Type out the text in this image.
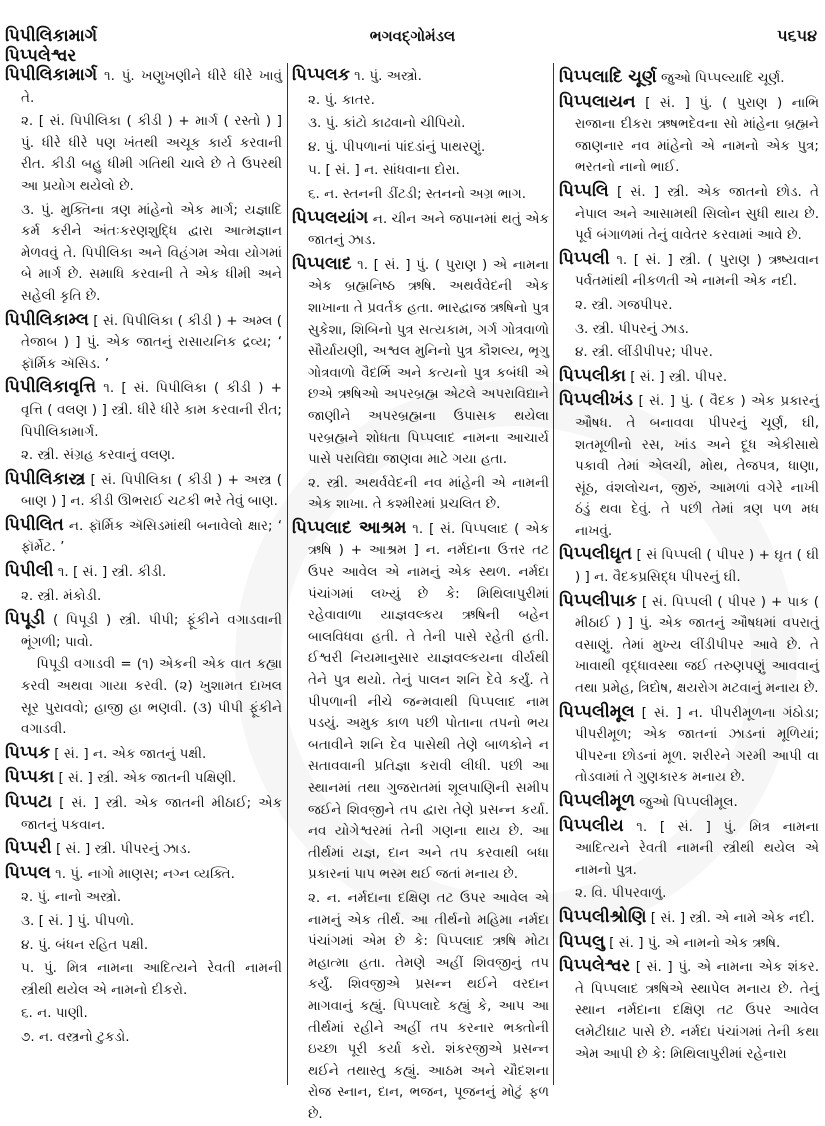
પિપીલિકામાર્ગ
પિપ્પલેશ્વર
ભગવદ્ગોમંડલ	૫૬૫૪

પિપીલિકામાર્ગ ૧. પું. ખણુખણીને ધીરે ધીરે ખાવું તે.

૨. [ સં. પિપીલિકા ( કીડી ) + માર્ગ ( રસ્તો ) ] પું. ધીરે ધીરે પણ ખંતથી અચૂક કાર્ય કરવાની રીત. કીડી બહુ ધીમી ગતિથી ચાલે છે તે ઉપરથી આ પ્રયોગ થયેલો છે.

૩. પું. મુક્તિના ત્રણ માંહેનો એક માર્ગ; યજ્ઞાદિ કર્મ કરીને અંતઃકરણશુદ્ધિ દ્વારા આત્મજ્ઞાન મેળવવું તે. પિપીલિકા અને વિહંગમ એવા યોગમાં બે માર્ગ છે. સમાધિ કરવાની તે એક ધીમી અને સહેલી કૃતિ છે.

પિપીલિકામ્લ [ સં. પિપીલિકા ( કીડી ) + અમ્લ ( તેજાબ ) ] પું. એક જાતનું રાસાયનિક દ્રવ્ય; ‘ ફૉર્મિક ઍસિડ. ’

પિપીલિકાવૃત્તિ ૧. [ સં. પિપીલિકા ( કીડી ) + વૃત્તિ ( વલણ ) ] સ્ત્રી. ધીરે ધીરે કામ કરવાની રીત; પિપીલિકામાર્ગ.

૨. સ્ત્રી. સંગ્રહ કરવાનું વલણ.

પિપીલિકાસ્ત્ર [ સં. પિપીલિકા ( કીડી ) + અસ્ત્ર ( બાણ ) ] ન. કીડી ઊભરાઈ ચટકી ભરે તેવું બાણ.

પિપીલિત ન. ફૉર્મિક ઍસિડમાંથી બનાવેલો ક્ષાર; ‘ ફૉર્મેટ. ’

પિપીલી ૧. [ સં. ] સ્ત્રી. કીડી.

૨. સ્ત્રી. મંકોડી.

પિપૂડી ( પિપૂડી ) સ્ત્રી. પીપી; ફૂંકીને વગાડવાની ભૂંગળી; પાવો.

પિપૂડી વગાડવી = (૧) એકની એક વાત કહ્યા કરવી અથવા ગાયા કરવી. (૨) ખુશામત દાખલ સૂર પુરાવવો; હાજી હા ભણવી. (૩) પીપી ફૂંકીને વગાડવી.

પિપ્પક [ સં. ] ન. એક જાતનું પક્ષી.

પિપ્પકા [ સં. ] સ્ત્રી. એક જાતની પક્ષિણી.

પિપ્પટા [ સં. ] સ્ત્રી. એક જાતની મીઠાઈ; એક જાતનું પકવાન.

પિપ્પરી [ સં. ] સ્ત્રી. પીપરનું ઝાડ.

પિપ્પલ ૧. પું. નાગો માણસ; નગ્ન વ્યક્તિ.

૨. પું. નાનો અસ્ત્રો.

૩. [ સં. ] પું. પીપળો.

૪. પું. બંધન રહિત પક્ષી.

૫. પું. મિત્ર નામના આદિત્યને રેવતી નામની સ્ત્રીથી થયેલ એ નામનો દીકરો.

૬. ન. પાણી.

૭. ન. વસ્ત્રનો ટુકડો.

પિપ્પલક ૧. પું. અસ્ત્રો.

૨. પું. કાતર.

૩. પું. કાંટો કાઢવાનો ચીપિયો.

૪. પું. પીપળાનાં પાંદડાંનું પાથરણું.

૫. [ સં. ] ન. સાંધવાના દોરા.

૬. ન. સ્તનની ડીંટડી; સ્તનનો અગ્ર ભાગ.

પિપ્પલયાંગ ન. ચીન અને જપાનમાં થતું એક જાતનું ઝાડ.

પિપ્પલાદ ૧. [ સં. ] પું. ( પુરાણ ) એ નામના એક બ્રહ્મનિષ્ઠ ઋષિ. અથર્વવેદની એક શાખાના તે પ્રવર્તક હતા. ભારદ્વાજ ઋષિનો પુત્ર સુકેશા, શિબિનો પુત્ર સત્યકામ, ગર્ગ ગોત્રવાળો સૌર્યાયણી, અશ્વલ મુનિનો પુત્ર કૌશલ્ય, ભૃગુ ગોત્રવાળો વૈદર્ભિ અને કત્યનો પુત્ર કબંધી એ છએ ઋષિઓ અપરબ્રહ્મ એટલે અપરાવિદ્યાને જાણીને અપરબ્રહ્મના ઉપાસક થયેલા પરબ્રહ્મને શોધતા પિપ્પલાદ નામના આચાર્ય પાસે પરાવિદ્યા જાણવા માટે ગયા હતા.

૨. સ્ત્રી. અથર્વવેદની નવ માંહેની એ નામની એક શાખા. તે કશ્મીરમાં પ્રચલિત છે.

પિપ્પલાદ આશ્રમ ૧. [ સં. પિપ્પલાદ ( એક ઋષિ ) + આશ્રમ ] ન. નર્મદાના ઉત્તર તટ ઉપર આવેલ એ નામનું એક સ્થળ. નર્મદા પંચાંગમાં લખ્યું છે કે: મિથિલાપુરીમાં રહેવાવાળા યાજ્ઞવલ્કય ઋષિની બહેન બાલવિધવા હતી. તે તેની પાસે રહેતી હતી. ઈશ્વરી નિયમાનુસાર યાજ્ઞવલ્કયના વીર્યથી તેને પુત્ર થયો. તેનું પાલન શનિ દેવે કર્યું. તે પીપળાની નીચે જન્મવાથી પિપ્પલાદ નામ પડયું. અમુક કાળ પછી પોતાના તપનો ભય બતાવીને શનિ દેવ પાસેથી તેણે બાળકોને ન સતાવવાની પ્રતિજ્ઞા કરાવી લીધી. પછી આ સ્થાનમાં તથા ગુજરાતમાં શૂલપાણિની સમીપ જઈને શિવજીને તપ દ્વારા તેણે પ્રસન્ન કર્યા. નવ યોગેશ્વરમાં તેની ગણના થાય છે. આ તીર્થમાં યજ્ઞ, દાન અને તપ કરવાથી બધા પ્રકારનાં પાપ ભસ્મ થઈ જતાં મનાય છે.

૨. ન. નર્મદાના દક્ષિણ તટ ઉપર આવેલ એ નામનું એક તીર્થ. આ તીર્થનો મહિમા નર્મદા પંચાંગમાં એમ છે કે: પિપ્પલાદ ઋષિ મોટા મહાત્મા હતા. તેમણે અહીં શિવજીનું તપ કર્યું. શિવજીએ પ્રસન્ન થઈને વરદાન માગવાનું કહ્યું. પિપ્પલાદે કહ્યું કે, આપ આ તીર્થમાં રહીને અહીં તપ કરનાર ભક્તોની ઇચ્છા પૂરી કર્યા કરો. શંકરજીએ પ્રસન્ન થઈને તથાસ્તુ કહ્યું. આઠમ અને ચૌદશના રોજ સ્નાન, દાન, ભજન, પૂજનનું મોટું ફળ છે.

પિપ્પલાદિ ચૂર્ણ જુઓ પિપ્પલ્યાદિ ચૂર્ણ.

પિપ્પલાયન [ સં. ] પું. ( પુરાણ ) નાભિ રાજાના દીકરા ઋષભદેવના સો માંહેના બ્રહ્મને જાણનાર નવ માંહેનો એ નામનો એક પુત્ર; ભરતનો નાનો ભાઈ.

પિપ્પલિ [ સં. ] સ્ત્રી. એક જાતનો છોડ. તે નેપાલ અને આસામથી સિલોન સુધી થાય છે. પૂર્વ બંગાળમાં તેનું વાવેતર કરવામાં આવે છે.

પિપ્પલી ૧. [ સં. ] સ્ત્રી. ( પુરાણ ) ઋષ્યવાન પર્વતમાંથી નીકળતી એ નામની એક નદી.

૨. સ્ત્રી. ગજપીપર.

૩. સ્ત્રી. પીપરનું ઝાડ.

૪. સ્ત્રી. લીંડીપીપર; પીપર.

પિપ્પલીકા [ સં. ] સ્ત્રી. પીપર.

પિપ્પલીખંડ [ સં. ] પું. ( વૈદક ) એક પ્રકારનું ઔષધ. તે બનાવવા પીપરનું ચૂર્ણ, ઘી, શતમૂળીનો રસ, ખાંડ અને દૂધ એકીસાથે પકાવી તેમાં એલચી, મોથ, તેજપત્ર, ધાણા, સૂંઠ, વંશલોચન, જીરું, આમળાં વગેરે નાખી ઠંડું થવા દેવું. તે પછી તેમાં ત્રણ પળ મધ નાખવું.

પિપ્પલીઘૃત [ સં પિપ્પલી ( પીપર ) + ઘૃત ( ઘી ) ] ન. વૈદકપ્રસિદ્ધ પીપરનું ઘી.

પિપ્પલીપાક [ સં. પિપ્પલી ( પીપર ) + પાક ( મીઠાઈ ) ] પું. એક જાતનું ઔષધમાં વપરાતું વસાણું. તેમાં મુખ્ય લીંડીપીપર આવે છે. તે ખાવાથી વૃદ્ધાવસ્થા જઈ તરુણપણું આવવાનું તથા પ્રમેહ, ત્રિદોષ, ક્ષયરોગ મટવાનું મનાય છે.

પિપ્પલીમૂલ [ સં. ] ન. પીપરીમૂળના ગંઠોડા; પીપરીમૂળ; એક જાતનાં ઝાડનાં મૂળિયાં; પીપરના છોડનાં મૂળ. શરીરને ગરમી આપી વા તોડવામાં તે ગુણકારક મનાય છે.

પિપ્પલીમૂળ જુઓ પિપ્પલીમૂલ.

પિપ્પલીય ૧. [ સં. ] પું. મિત્ર નામના આદિત્યને રેવતી નામની સ્ત્રીથી થયેલ એ નામનો પુત્ર.

૨. વિ. પીપરવાળું.

પિપ્પલીશ્રોણિ [ સં. ] સ્ત્રી. એ નામે એક નદી.

પિપ્પલુ [ સં. ] પું. એ નામનો એક ઋષિ.

પિપ્પલેશ્વર [ સં. ] પું. એ નામના એક શંકર. તે પિપ્પલાદ ઋષિએ સ્થાપેલ મનાય છે. તેનું સ્થાન નર્મદાના દક્ષિણ તટ ઉપર આવેલ લમેટીઘાટ પાસે છે. નર્મદા પંચાંગમાં તેની કથા એમ આપી છે કે: મિથિલાપુરીમાં રહેનારા
